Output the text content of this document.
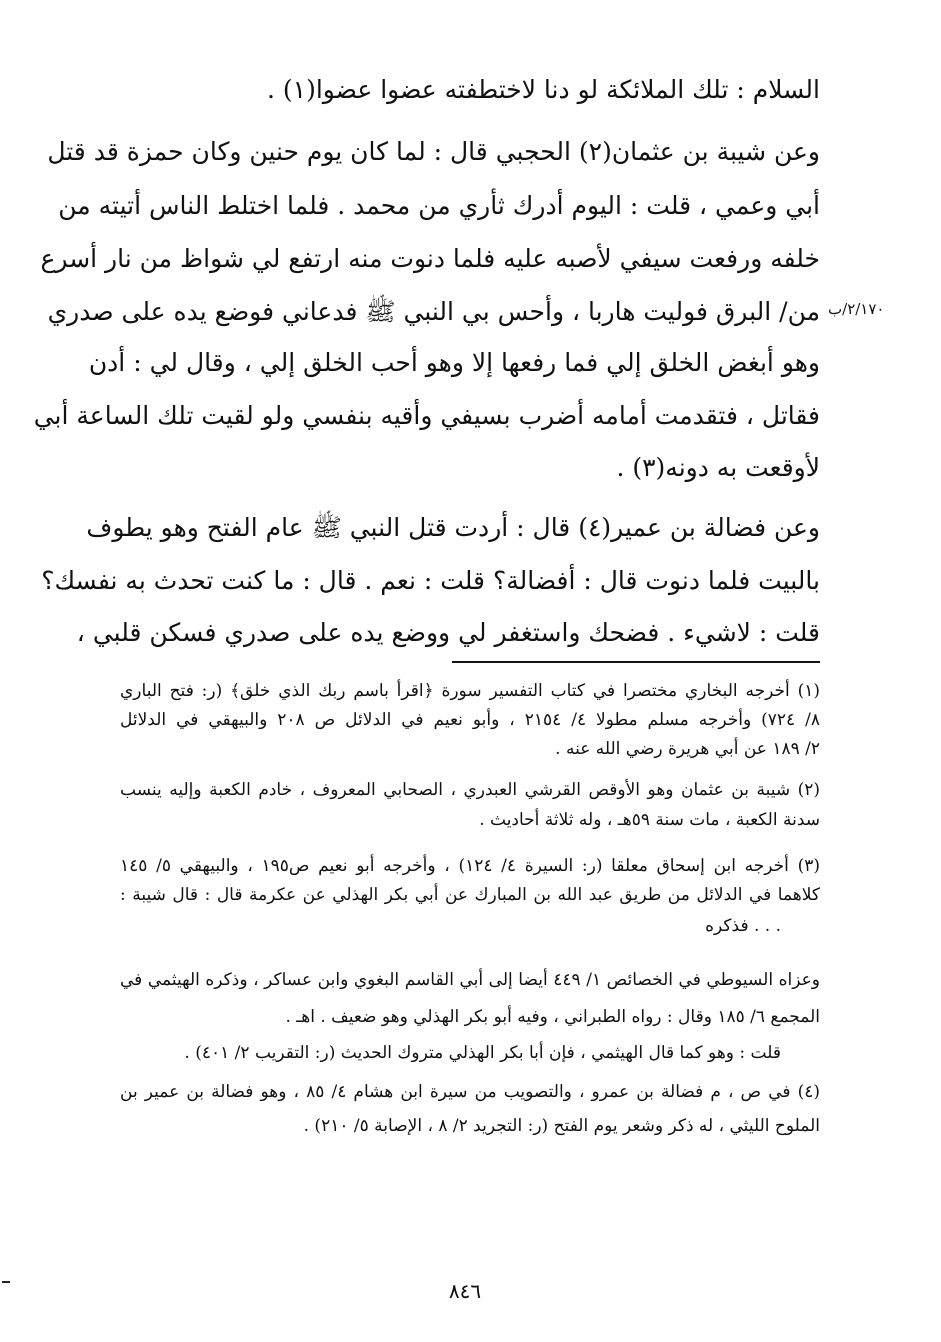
السلام : تلك الملائكة لو دنا لاختطفته عضوا عضوا(١) .
وعن شيبة بن عثمان(٢) الحجبي قال : لما كان يوم حنين وكان حمزة قد قتل
أبي وعمي ، قلت : اليوم أدرك ثأري من محمد . فلما اختلط الناس أتيته من
خلفه ورفعت سيفي لأصبه عليه فلما دنوت منه ارتفع لي شواظ من نار أسرع
من/ البرق فوليت هاربا ، وأحس بي النبي ﷺ فدعاني فوضع يده على صدري
وهو أبغض الخلق إلي فما رفعها إلا وهو أحب الخلق إلي ، وقال لي : أدن
فقاتل ، فتقدمت أمامه أضرب بسيفي وأقيه بنفسي ولو لقيت تلك الساعة أبي
لأوقعت به دونه(٣) .
وعن فضالة بن عمير(٤) قال : أردت قتل النبي ﷺ عام الفتح وهو يطوف
بالبيت فلما دنوت قال : أفضالة؟ قلت : نعم . قال : ما كنت تحدث به نفسك؟
قلت : لاشيء . فضحك واستغفر لي ووضع يده على صدري فسكن قلبي ،
٢/١٧٠/ب
(١) أخرجه البخاري مختصرا في كتاب التفسير سورة ﴿اقرأ باسم ربك الذي خلق﴾ (ر: فتح الباري
٨/ ٧٢٤) وأخرجه مسلم مطولا ٤/ ٢١٥٤ ، وأبو نعيم في الدلائل ص ٢٠٨ والبيهقي في الدلائل
٢/ ١٨٩ عن أبي هريرة رضي الله عنه .
(٢) شيبة بن عثمان وهو الأوقص القرشي العبدري ، الصحابي المعروف ، خادم الكعبة وإليه ينسب
سدنة الكعبة ، مات سنة ٥٩هـ ، وله ثلاثة أحاديث .
(٣) أخرجه ابن إسحاق معلقا (ر: السيرة ٤/ ١٢٤) ، وأخرجه أبو نعيم ص١٩٥ ، والبيهقي ٥/ ١٤٥
كلاهما في الدلائل من طريق عبد الله بن المبارك عن أبي بكر الهذلي عن عكرمة قال : قال شيبة :
. . . فذكره
وعزاه السيوطي في الخصائص ١/ ٤٤٩ أيضا إلى أبي القاسم البغوي وابن عساكر ، وذكره الهيثمي في
المجمع ٦/ ١٨٥ وقال : رواه الطبراني ، وفيه أبو بكر الهذلي وهو ضعيف . اهـ .
قلت : وهو كما قال الهيثمي ، فإن أبا بكر الهذلي متروك الحديث (ر: التقريب ٢/ ٤٠١) .
(٤) في ص ، م فضالة بن عمرو ، والتصويب من سيرة ابن هشام ٤/ ٨٥ ، وهو فضالة بن عمير بن
الملوح الليثي ، له ذكر وشعر يوم الفتح (ر: التجريد ٢/ ٨ ، الإصابة ٥/ ٢١٠) .
٨٤٦
